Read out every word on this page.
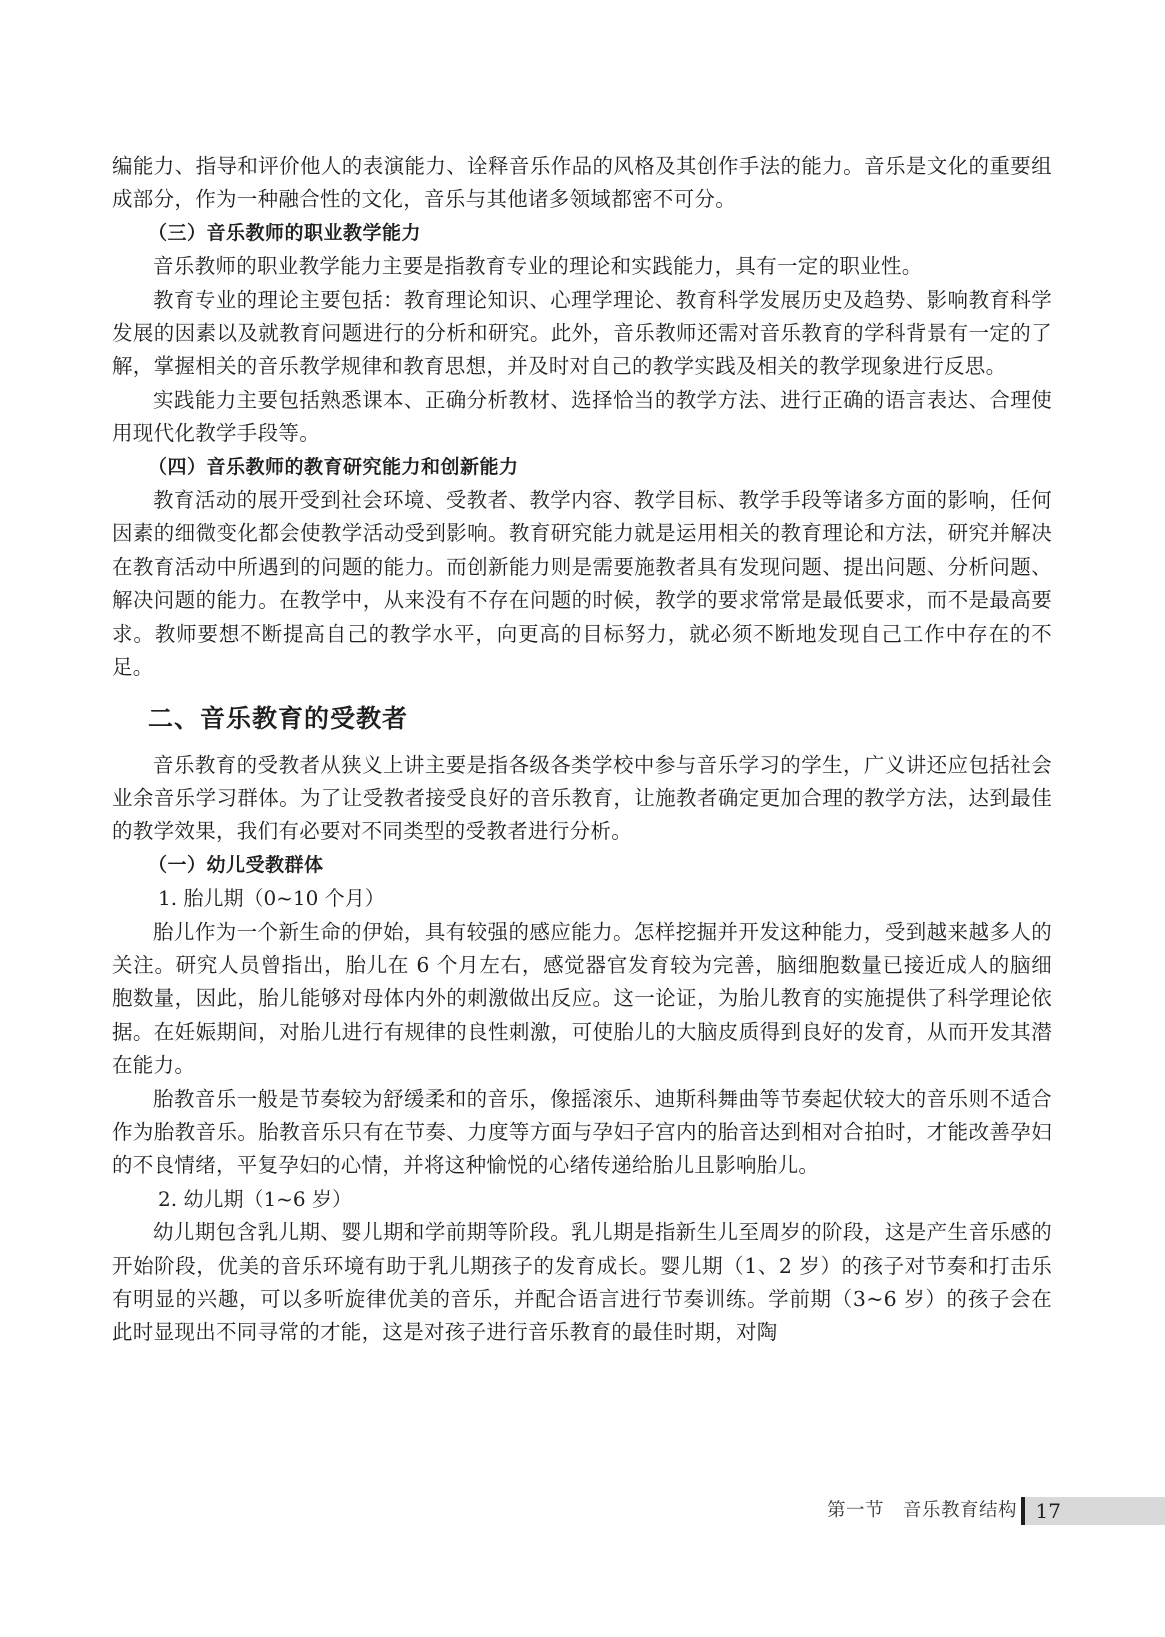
编能力、指导和评价他人的表演能力、诠释音乐作品的风格及其创作手法的能力。音乐是文化的重要组成部分，作为一种融合性的文化，音乐与其他诸多领域都密不可分。

（三）音乐教师的职业教学能力

音乐教师的职业教学能力主要是指教育专业的理论和实践能力，具有一定的职业性。

教育专业的理论主要包括：教育理论知识、心理学理论、教育科学发展历史及趋势、影响教育科学发展的因素以及就教育问题进行的分析和研究。此外，音乐教师还需对音乐教育的学科背景有一定的了解，掌握相关的音乐教学规律和教育思想，并及时对自己的教学实践及相关的教学现象进行反思。

实践能力主要包括熟悉课本、正确分析教材、选择恰当的教学方法、进行正确的语言表达、合理使用现代化教学手段等。

（四）音乐教师的教育研究能力和创新能力

教育活动的展开受到社会环境、受教者、教学内容、教学目标、教学手段等诸多方面的影响，任何因素的细微变化都会使教学活动受到影响。教育研究能力就是运用相关的教育理论和方法，研究并解决在教育活动中所遇到的问题的能力。而创新能力则是需要施教者具有发现问题、提出问题、分析问题、解决问题的能力。在教学中，从来没有不存在问题的时候，教学的要求常常是最低要求，而不是最高要求。教师要想不断提高自己的教学水平，向更高的目标努力，就必须不断地发现自己工作中存在的不足。

二、音乐教育的受教者

音乐教育的受教者从狭义上讲主要是指各级各类学校中参与音乐学习的学生，广义讲还应包括社会业余音乐学习群体。为了让受教者接受良好的音乐教育，让施教者确定更加合理的教学方法，达到最佳的教学效果，我们有必要对不同类型的受教者进行分析。

（一）幼儿受教群体

1. 胎儿期（0~10 个月）

胎儿作为一个新生命的伊始，具有较强的感应能力。怎样挖掘并开发这种能力，受到越来越多人的关注。研究人员曾指出，胎儿在 6 个月左右，感觉器官发育较为完善，脑细胞数量已接近成人的脑细胞数量，因此，胎儿能够对母体内外的刺激做出反应。这一论证，为胎儿教育的实施提供了科学理论依据。在妊娠期间，对胎儿进行有规律的良性刺激，可使胎儿的大脑皮质得到良好的发育，从而开发其潜在能力。

胎教音乐一般是节奏较为舒缓柔和的音乐，像摇滚乐、迪斯科舞曲等节奏起伏较大的音乐则不适合作为胎教音乐。胎教音乐只有在节奏、力度等方面与孕妇子宫内的胎音达到相对合拍时，才能改善孕妇的不良情绪，平复孕妇的心情，并将这种愉悦的心绪传递给胎儿且影响胎儿。

2. 幼儿期（1~6 岁）

幼儿期包含乳儿期、婴儿期和学前期等阶段。乳儿期是指新生儿至周岁的阶段，这是产生音乐感的开始阶段，优美的音乐环境有助于乳儿期孩子的发育成长。婴儿期（1、2 岁）的孩子对节奏和打击乐有明显的兴趣，可以多听旋律优美的音乐，并配合语言进行节奏训练。学前期（3~6 岁）的孩子会在此时显现出不同寻常的才能，这是对孩子进行音乐教育的最佳时期，对陶

第一节　音乐教育结构 17
